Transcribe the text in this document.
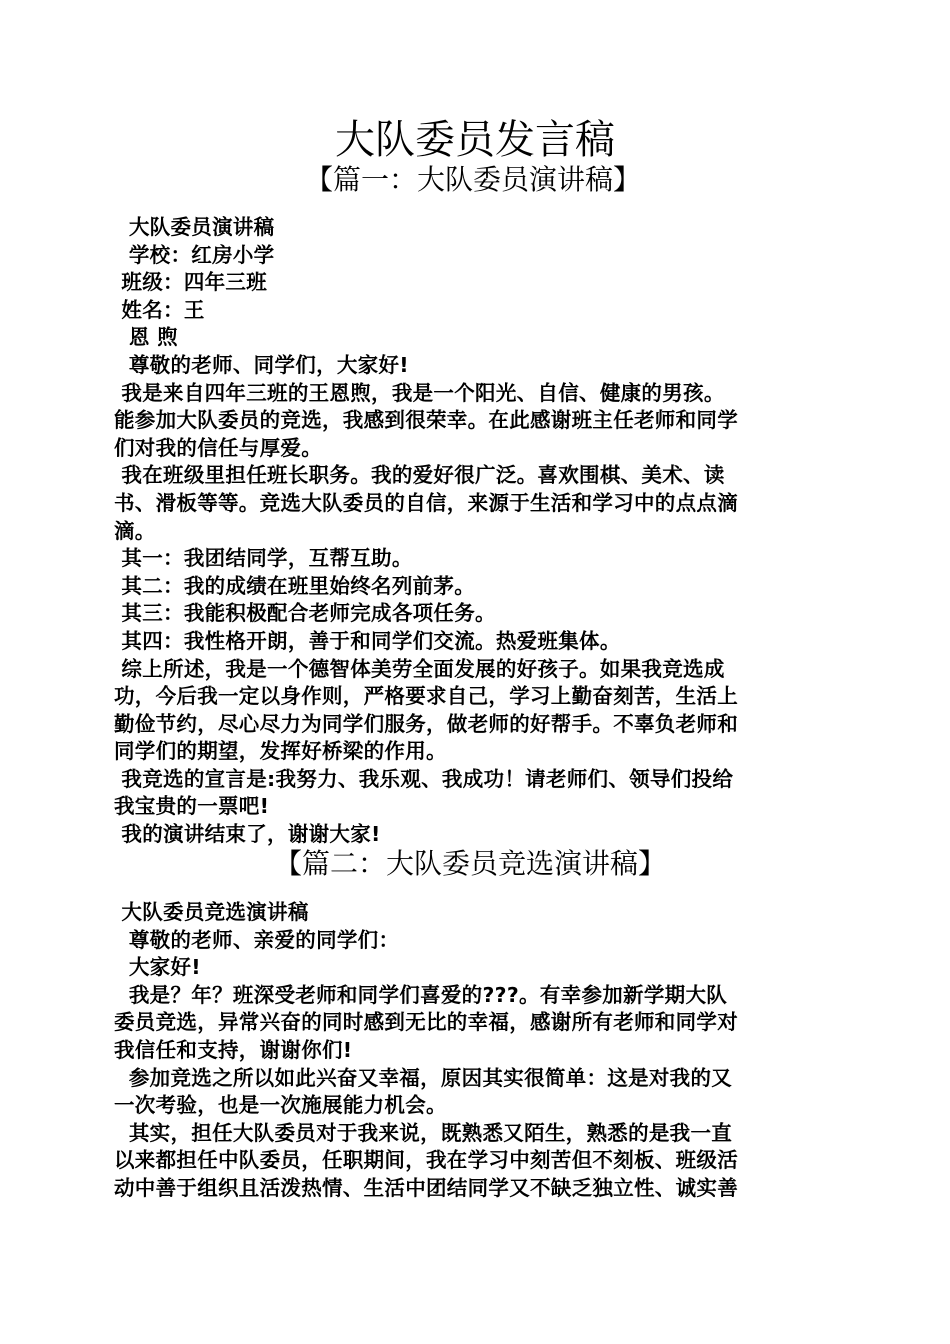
大队委员发言稿
【篇一：大队委员演讲稿】
大队委员演讲稿
学校：红房小学
班级：四年三班
姓名：王
恩 煦
尊敬的老师、同学们，大家好!
我是来自四年三班的王恩煦，我是一个阳光、自信、健康的男孩。
能参加大队委员的竞选，我感到很荣幸。在此感谢班主任老师和同学
们对我的信任与厚爱。
我在班级里担任班长职务。我的爱好很广泛。喜欢围棋、美术、读
书、滑板等等。竞选大队委员的自信，来源于生活和学习中的点点滴
滴。
其一：我团结同学，互帮互助。
其二：我的成绩在班里始终名列前茅。
其三：我能积极配合老师完成各项任务。
其四：我性格开朗，善于和同学们交流。热爱班集体。
综上所述，我是一个德智体美劳全面发展的好孩子。如果我竞选成
功，今后我一定以身作则，严格要求自己，学习上勤奋刻苦，生活上
勤俭节约，尽心尽力为同学们服务，做老师的好帮手。不辜负老师和
同学们的期望，发挥好桥梁的作用。
我竞选的宣言是:我努力、我乐观、我成功！请老师们、领导们投给
我宝贵的一票吧!
我的演讲结束了，谢谢大家!
【篇二：大队委员竞选演讲稿】
大队委员竞选演讲稿
尊敬的老师、亲爱的同学们：
大家好!
我是？年？班深受老师和同学们喜爱的???。有幸参加新学期大队
委员竞选，异常兴奋的同时感到无比的幸福，感谢所有老师和同学对
我信任和支持，谢谢你们!
参加竞选之所以如此兴奋又幸福，原因其实很简单：这是对我的又
一次考验，也是一次施展能力机会。
其实，担任大队委员对于我来说，既熟悉又陌生，熟悉的是我一直
以来都担任中队委员，任职期间，我在学习中刻苦但不刻板、班级活
动中善于组织且活泼热情、生活中团结同学又不缺乏独立性、诚实善
